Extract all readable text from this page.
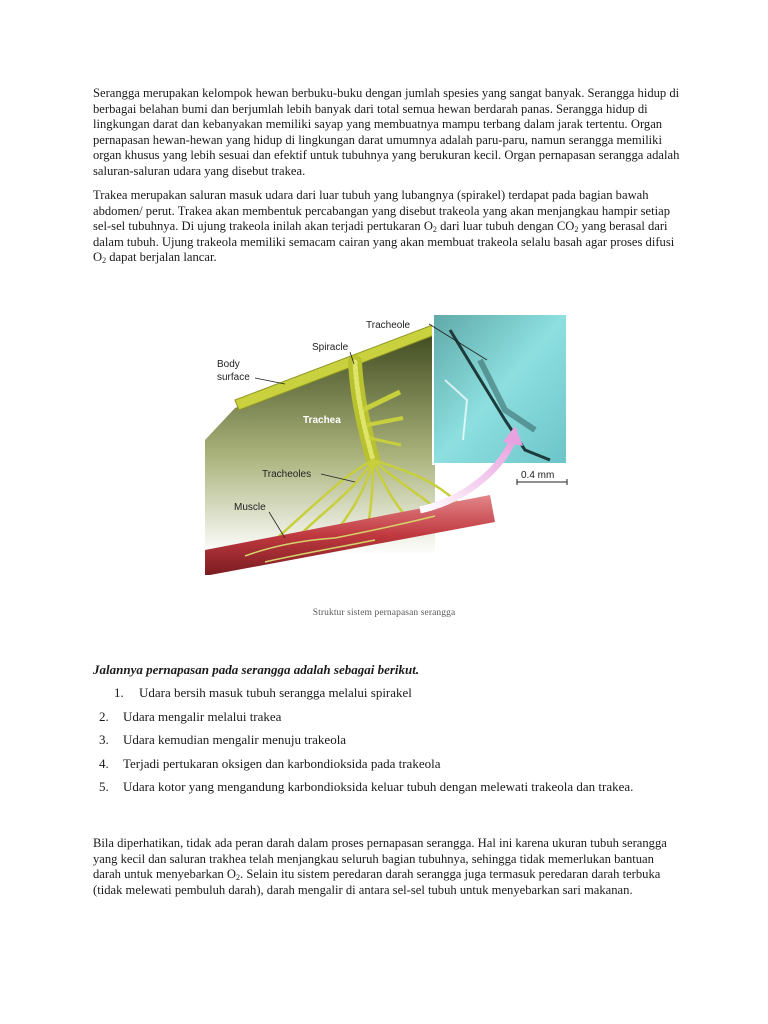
Serangga merupakan kelompok hewan berbuku-buku dengan jumlah spesies yang sangat banyak. Serangga hidup di berbagai belahan bumi dan berjumlah lebih banyak dari total semua hewan berdarah panas. Serangga hidup di lingkungan darat dan kebanyakan memiliki sayap yang membuatnya mampu terbang dalam jarak tertentu. Organ pernapasan hewan-hewan yang hidup di lingkungan darat umumnya adalah paru-paru, namun serangga memiliki organ khusus yang lebih sesuai dan efektif untuk tubuhnya yang berukuran kecil. Organ pernapasan serangga adalah saluran-saluran udara yang disebut trakea.

Trakea merupakan saluran masuk udara dari luar tubuh yang lubangnya (spirakel) terdapat pada bagian bawah abdomen/ perut. Trakea akan membentuk percabangan yang disebut trakeola yang akan menjangkau hampir setiap sel-sel tubuhnya. Di ujung trakeola inilah akan terjadi pertukaran $O_2$ dari luar tubuh dengan $CO_2$ yang berasal dari dalam tubuh. Ujung trakeola memiliki semacam cairan yang akan membuat trakeola selalu basah agar proses difusi $O_2$ dapat berjalan lancar.

Tracheole
Spiracle
Body
surface
Trachea
Tracheoles
Muscle
0.4 mm
Struktur sistem pernapasan serangga

Jalannya pernapasan pada serangga adalah sebagai berikut.

1.	Udara bersih masuk tubuh serangga melalui spirakel
2.	Udara mengalir melalui trakea
3.	Udara kemudian mengalir menuju trakeola
4.	Terjadi pertukaran oksigen dan karbondioksida pada trakeola
5.	Udara kotor yang mengandung karbondioksida keluar tubuh dengan melewati trakeola dan trakea.

Bila diperhatikan, tidak ada peran darah dalam proses pernapasan serangga. Hal ini karena ukuran tubuh serangga yang kecil dan saluran trakhea telah menjangkau seluruh bagian tubuhnya, sehingga tidak memerlukan bantuan darah untuk menyebarkan $O_2$. Selain itu sistem peredaran darah serangga juga termasuk peredaran darah terbuka (tidak melewati pembuluh darah), darah mengalir di antara sel-sel tubuh untuk menyebarkan sari makanan.
